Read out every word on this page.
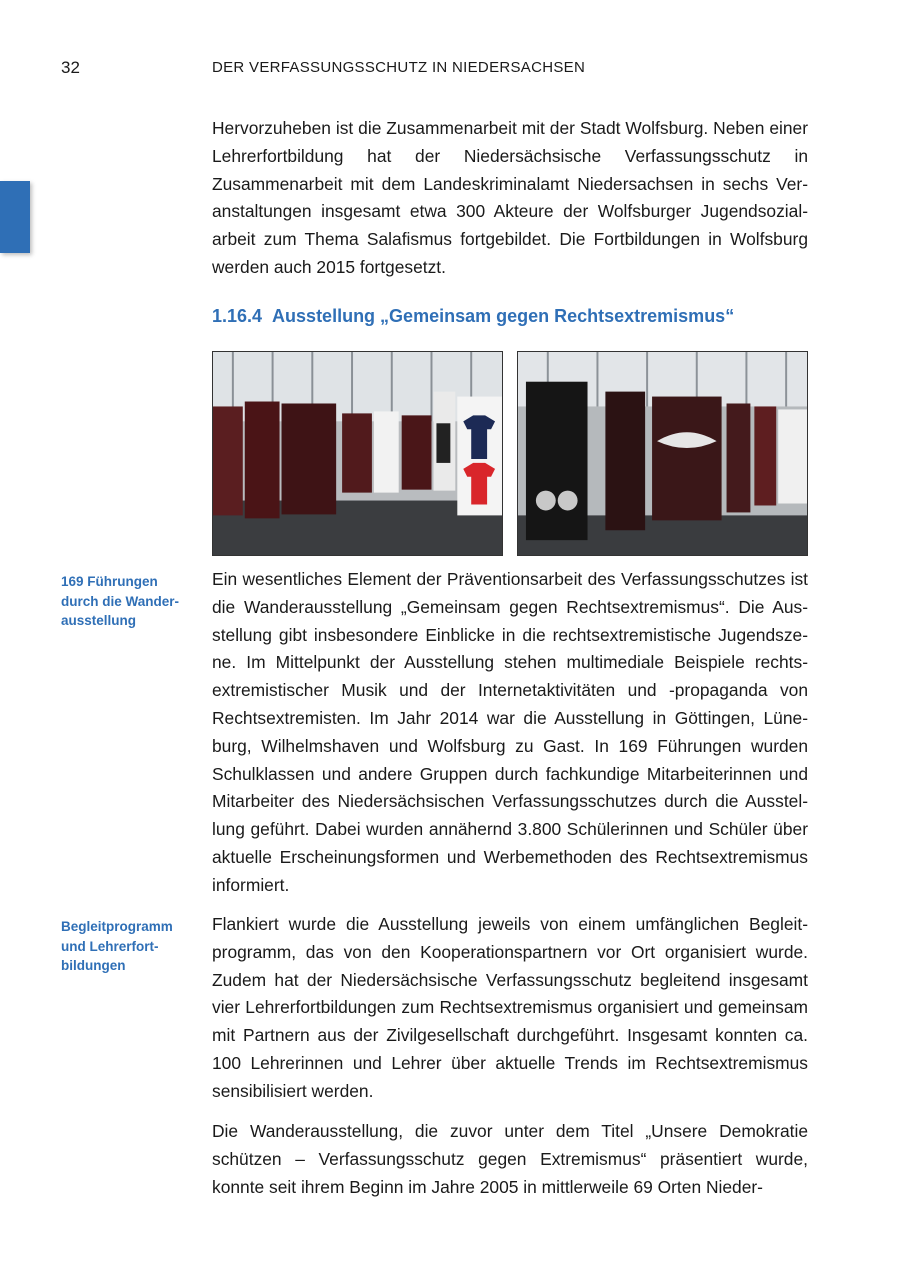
32	DER VERFASSUNGSSCHUTZ IN NIEDERSACHSEN

Hervorzuheben ist die Zusammenarbeit mit der Stadt Wolfsburg. Neben einer Lehrerfortbildung hat der Niedersächsische Verfassungsschutz in Zusammenarbeit mit dem Landeskriminalamt Niedersachsen in sechs Veranstaltungen insgesamt etwa 300 Akteure der Wolfsburger Jugendsozialarbeit zum Thema Salafismus fortgebildet. Die Fortbildungen in Wolfsburg werden auch 2015 fortgesetzt.

1.16.4 Ausstellung „Gemeinsam gegen Rechtsextremismus“

169 Führungen durch die Wanderausstellung

Ein wesentliches Element der Präventionsarbeit des Verfassungsschutzes ist die Wanderausstellung „Gemeinsam gegen Rechtsextremismus“. Die Ausstellung gibt insbesondere Einblicke in die rechtsextremistische Jugendszene. Im Mittelpunkt der Ausstellung stehen multimediale Beispiele rechtsextremistischer Musik und der Internetaktivitäten und -propaganda von Rechtsextremisten. Im Jahr 2014 war die Ausstellung in Göttingen, Lüneburg, Wilhelmshaven und Wolfsburg zu Gast. In 169 Führungen wurden Schulklassen und andere Gruppen durch fachkundige Mitarbeiterinnen und Mitarbeiter des Niedersächsischen Verfassungsschutzes durch die Ausstellung geführt. Dabei wurden annähernd 3.800 Schülerinnen und Schüler über aktuelle Erscheinungsformen und Werbemethoden des Rechtsextremismus informiert.

Begleitprogramm und Lehrerfortbildungen

Flankiert wurde die Ausstellung jeweils von einem umfänglichen Begleitprogramm, das von den Kooperationspartnern vor Ort organisiert wurde. Zudem hat der Niedersächsische Verfassungsschutz begleitend insgesamt vier Lehrerfortbildungen zum Rechtsextremismus organisiert und gemeinsam mit Partnern aus der Zivilgesellschaft durchgeführt. Insgesamt konnten ca. 100 Lehrerinnen und Lehrer über aktuelle Trends im Rechtsextremismus sensibilisiert werden.

Die Wanderausstellung, die zuvor unter dem Titel „Unsere Demokratie schützen – Verfassungsschutz gegen Extremismus“ präsentiert wurde, konnte seit ihrem Beginn im Jahre 2005 in mittlerweile 69 Orten Nieder-
